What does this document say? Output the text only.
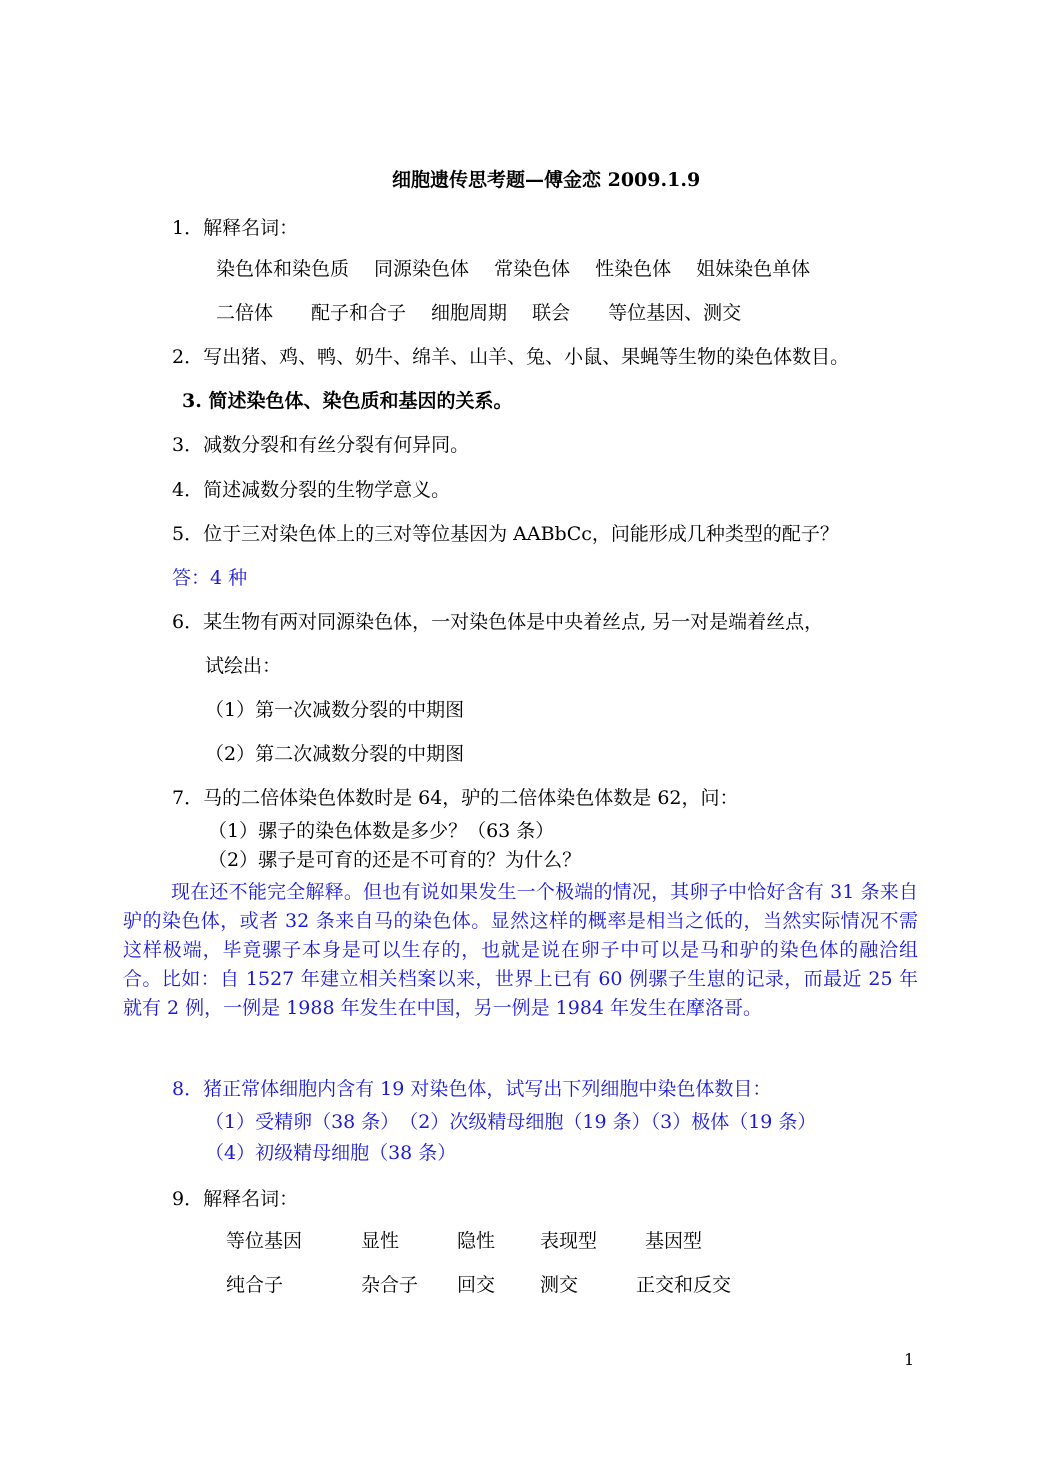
细胞遗传思考题—傅金恋 2009.1.9
1．解释名词：
染色体和染色质　 同源染色体　 常染色体　 性染色体　 姐妹染色单体
二倍体　　配子和合子　 细胞周期　 联会　　等位基因、测交
2．写出猪、鸡、鸭、奶牛、绵羊、山羊、兔、小鼠、果蝇等生物的染色体数目。
3. 简述染色体、染色质和基因的关系。
3．减数分裂和有丝分裂有何异同。
4．简述减数分裂的生物学意义。
5．位于三对染色体上的三对等位基因为 AABbCc，问能形成几种类型的配子？
答：4 种
6．某生物有两对同源染色体，一对染色体是中央着丝点, 另一对是端着丝点，
试绘出：
（1）第一次减数分裂的中期图
（2）第二次减数分裂的中期图
7．马的二倍体染色体数时是 64，驴的二倍体染色体数是 62，问：
（1）骡子的染色体数是多少？（63 条）
（2）骡子是可育的还是不可育的？为什么？
现在还不能完全解释。但也有说如果发生一个极端的情况，其卵子中恰好含有 31 条来自驴的染色体，或者 32 条来自马的染色体。显然这样的概率是相当之低的，当然实际情况不需这样极端，毕竟骡子本身是可以生存的，也就是说在卵子中可以是马和驴的染色体的融洽组合。比如：自 1527 年建立相关档案以来，世界上已有 60 例骡子生崽的记录，而最近 25 年就有 2 例，一例是 1988 年发生在中国，另一例是 1984 年发生在摩洛哥。
8．猪正常体细胞内含有 19 对染色体，试写出下列细胞中染色体数目：
（1）受精卵（38 条）　（2）次级精母细胞（19 条）（3）极体（19 条）
（4）初级精母细胞（38 条）
9．解释名词：
等位基因	显性	隐性 表现型	基因型
纯合子	杂合子 回交 测交	正交和反交
1
